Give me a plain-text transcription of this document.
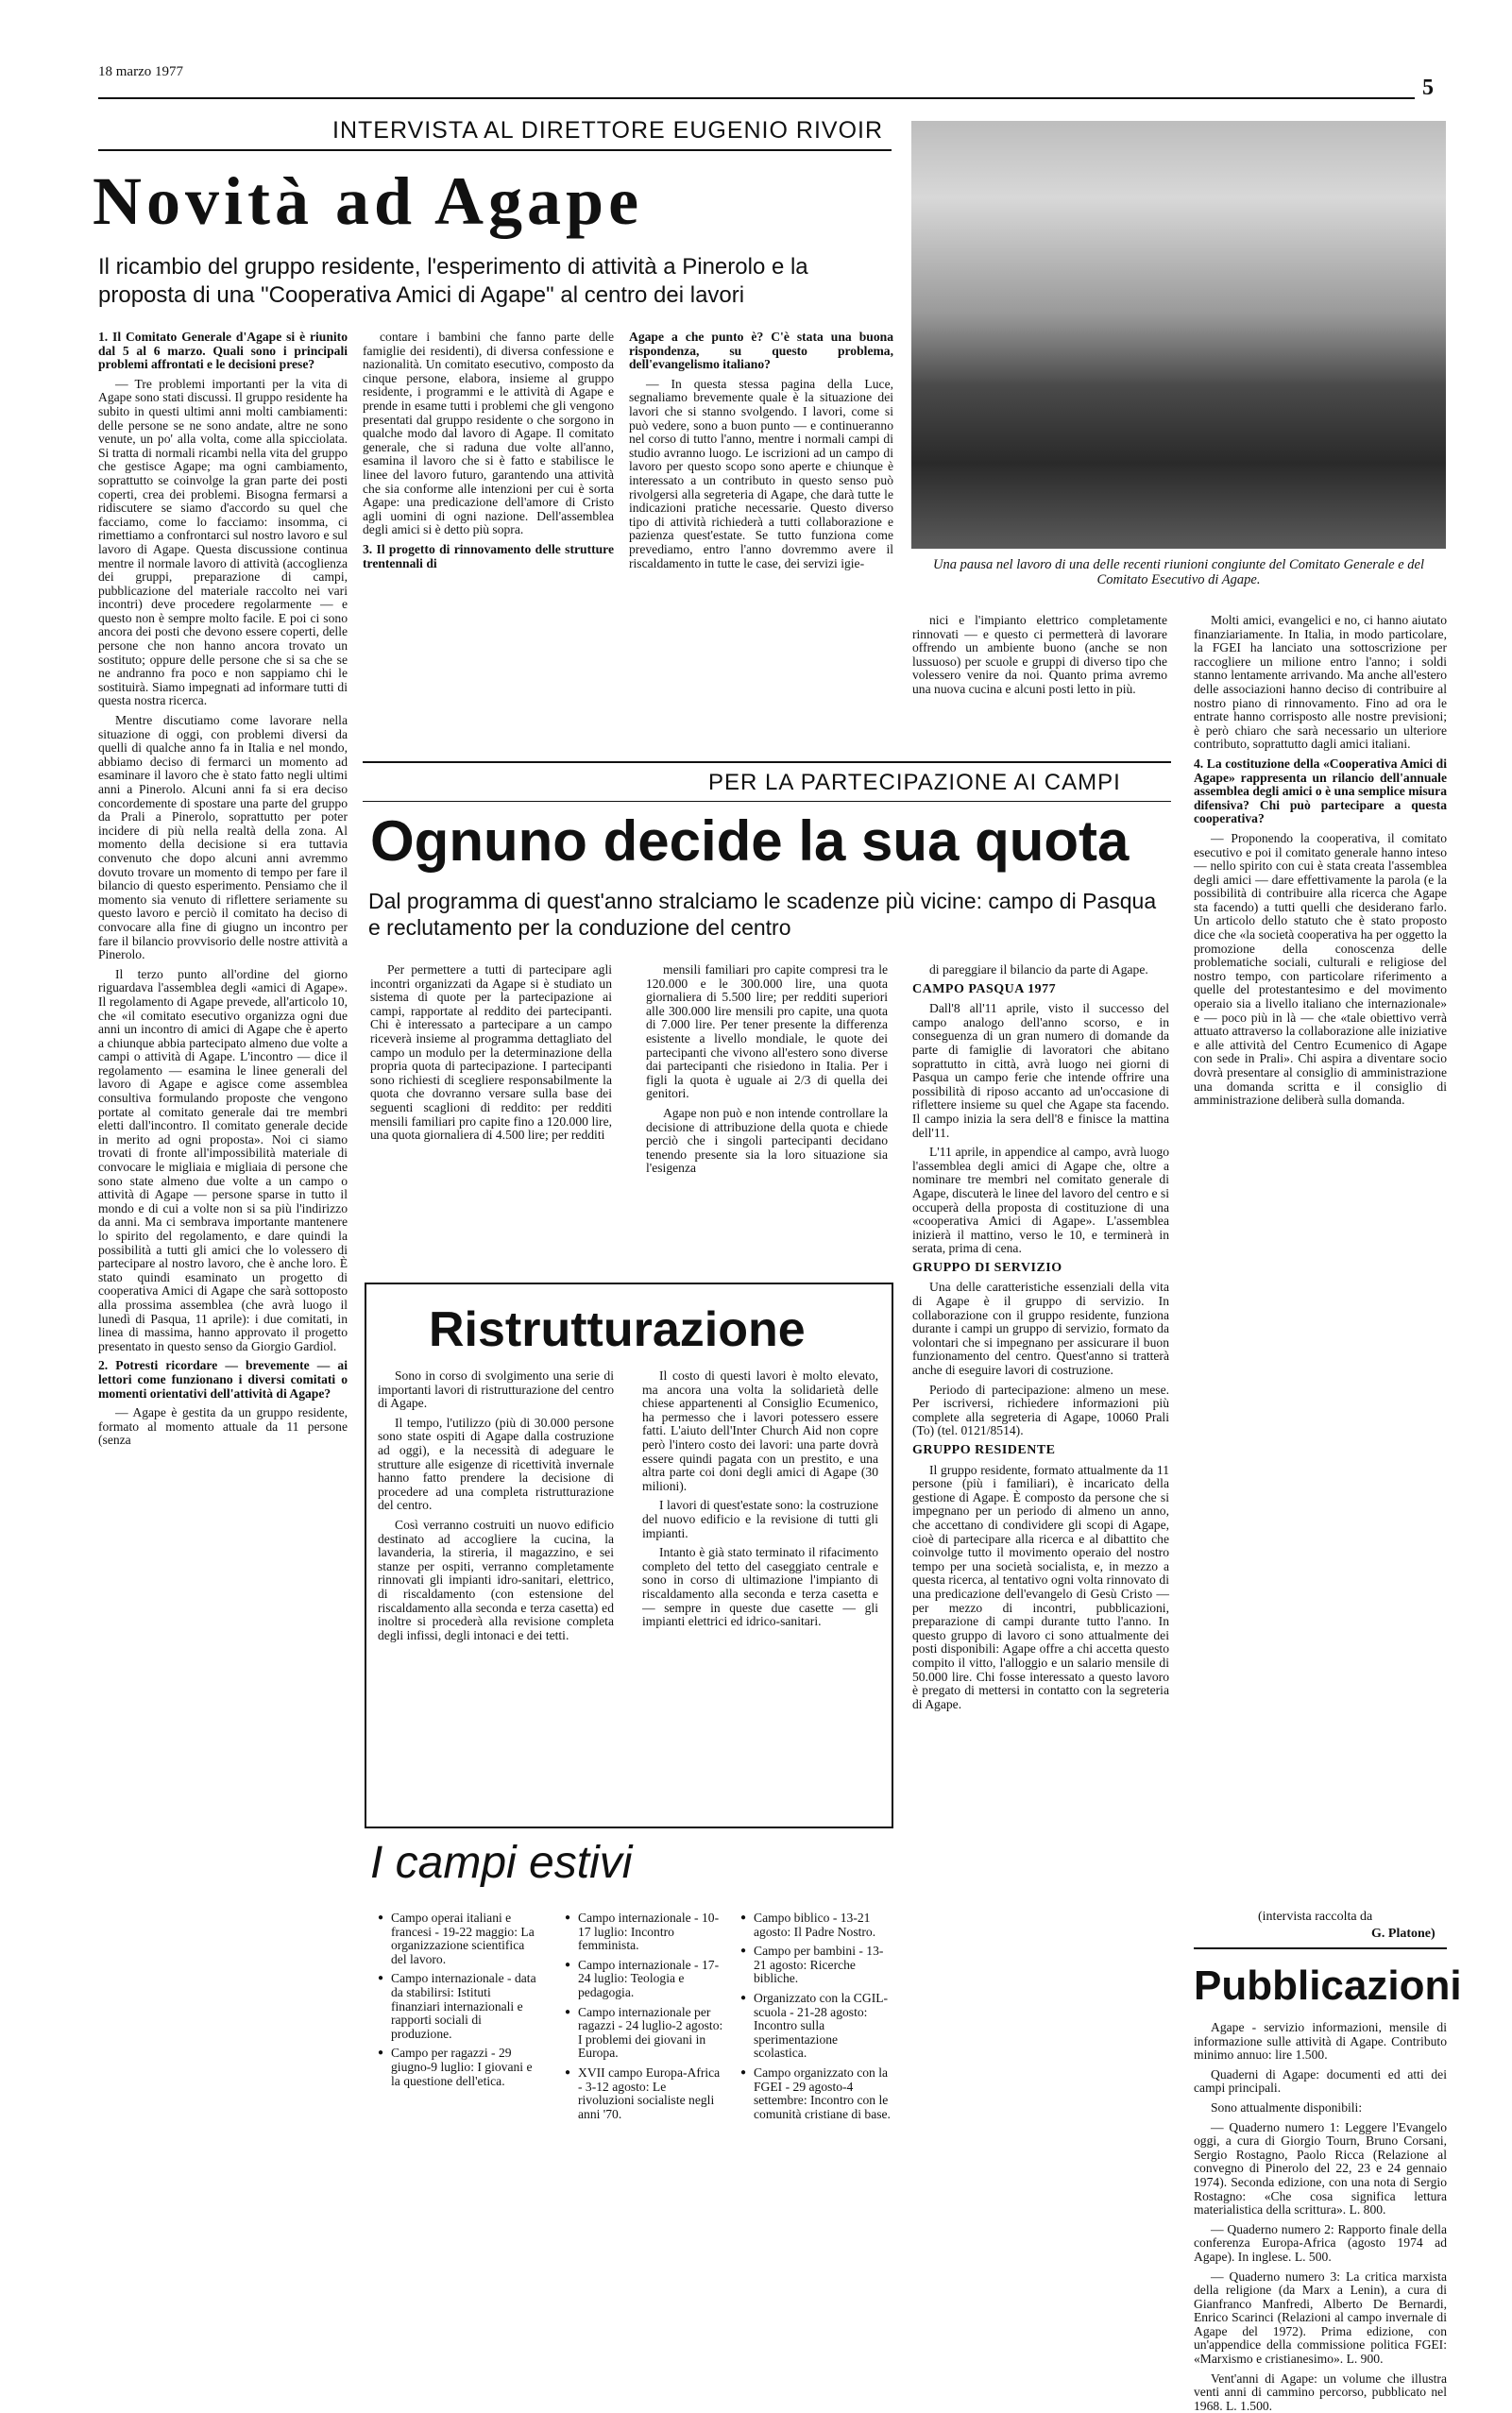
18 marzo 1977
5
INTERVISTA AL DIRETTORE EUGENIO RIVOIR
Novità ad Agape
Il ricambio del gruppo residente, l'esperimento di attività a Pinerolo e la proposta di una "Cooperativa Amici di Agape" al centro dei lavori
Una pausa nel lavoro di una delle recenti riunioni congiunte del Comitato Generale e del Comitato Esecutivo di Agape.

1. Il Comitato Generale d'Agape si è riunito dal 5 al 6 marzo. Quali sono i principali problemi affrontati e le decisioni prese?

— Tre problemi importanti per la vita di Agape sono stati discussi. Il gruppo residente ha subito in questi ultimi anni molti cambiamenti: delle persone se ne sono andate, altre ne sono venute, un po' alla volta, come alla spicciolata. Si tratta di normali ricambi nella vita del gruppo che gestisce Agape; ma ogni cambiamento, soprattutto se coinvolge la gran parte dei posti coperti, crea dei problemi. Bisogna fermarsi a ridiscutere se siamo d'accordo su quel che facciamo, come lo facciamo: insomma, ci rimettiamo a confrontarci sul nostro lavoro e sul lavoro di Agape. Questa discussione continua mentre il normale lavoro di attività (accoglienza dei gruppi, preparazione di campi, pubblicazione del materiale raccolto nei vari incontri) deve procedere regolarmente — e questo non è sempre molto facile. E poi ci sono ancora dei posti che devono essere coperti, delle persone che non hanno ancora trovato un sostituto; oppure delle persone che si sa che se ne andranno fra poco e non sappiamo chi le sostituirà. Siamo impegnati ad informare tutti di questa nostra ricerca.

Mentre discutiamo come lavorare nella situazione di oggi, con problemi diversi da quelli di qualche anno fa in Italia e nel mondo, abbiamo deciso di fermarci un momento ad esaminare il lavoro che è stato fatto negli ultimi anni a Pinerolo. Alcuni anni fa si era deciso concordemente di spostare una parte del gruppo da Prali a Pinerolo, soprattutto per poter incidere di più nella realtà della zona. Al momento della decisione si era tuttavia convenuto che dopo alcuni anni avremmo dovuto trovare un momento di tempo per fare il bilancio di questo esperimento. Pensiamo che il momento sia venuto di riflettere seriamente su questo lavoro e perciò il comitato ha deciso di convocare alla fine di giugno un incontro per fare il bilancio provvisorio delle nostre attività a Pinerolo.

Il terzo punto all'ordine del giorno riguardava l'assemblea degli «amici di Agape». Il regolamento di Agape prevede, all'articolo 10, che «il comitato esecutivo organizza ogni due anni un incontro di amici di Agape che è aperto a chiunque abbia partecipato almeno due volte a campi o attività di Agape. L'incontro — dice il regolamento — esamina le linee generali del lavoro di Agape e agisce come assemblea consultiva formulando proposte che vengono portate al comitato generale dai tre membri eletti dall'incontro. Il comitato generale decide in merito ad ogni proposta». Noi ci siamo trovati di fronte all'impossibilità materiale di convocare le migliaia e migliaia di persone che sono state almeno due volte a un campo o attività di Agape — persone sparse in tutto il mondo e di cui a volte non si sa più l'indirizzo da anni. Ma ci sembrava importante mantenere lo spirito del regolamento, e dare quindi la possibilità a tutti gli amici che lo volessero di partecipare al nostro lavoro, che è anche loro. È stato quindi esaminato un progetto di cooperativa Amici di Agape che sarà sottoposto alla prossima assemblea (che avrà luogo il lunedì di Pasqua, 11 aprile): i due comitati, in linea di massima, hanno approvato il progetto presentato in questo senso da Giorgio Gardiol.

2. Potresti ricordare — brevemente — ai lettori come funzionano i diversi comitati o momenti orientativi dell'attività di Agape?

— Agape è gestita da un gruppo residente, formato al momento attuale da 11 persone (senza

contare i bambini che fanno parte delle famiglie dei residenti), di diversa confessione e nazionalità. Un comitato esecutivo, composto da cinque persone, elabora, insieme al gruppo residente, i programmi e le attività di Agape e prende in esame tutti i problemi che gli vengono presentati dal gruppo residente o che sorgono in qualche modo dal lavoro di Agape. Il comitato generale, che si raduna due volte all'anno, esamina il lavoro che si è fatto e stabilisce le linee del lavoro futuro, garantendo una attività che sia conforme alle intenzioni per cui è sorta Agape: una predicazione dell'amore di Cristo agli uomini di ogni nazione. Dell'assemblea degli amici si è detto più sopra.

3. Il progetto di rinnovamento delle strutture trentennali di

Agape a che punto è? C'è stata una buona rispondenza, su questo problema, dell'evangelismo italiano?

— In questa stessa pagina della Luce, segnaliamo brevemente quale è la situazione dei lavori che si stanno svolgendo. I lavori, come si può vedere, sono a buon punto — e continueranno nel corso di tutto l'anno, mentre i normali campi di studio avranno luogo. Le iscrizioni ad un campo di lavoro per questo scopo sono aperte e chiunque è interessato a un contributo in questo senso può rivolgersi alla segreteria di Agape, che darà tutte le indicazioni pratiche necessarie. Questo diverso tipo di attività richiederà a tutti collaborazione e pazienza quest'estate. Se tutto funziona come prevediamo, entro l'anno dovremmo avere il riscaldamento in tutte le case, dei servizi igie-

nici e l'impianto elettrico completamente rinnovati — e questo ci permetterà di lavorare offrendo un ambiente buono (anche se non lussuoso) per scuole e gruppi di diverso tipo che volessero venire da noi. Quanto prima avremo una nuova cucina e alcuni posti letto in più.

Molti amici, evangelici e no, ci hanno aiutato finanziariamente. In Italia, in modo particolare, la FGEI ha lanciato una sottoscrizione per raccogliere un milione entro l'anno; i soldi stanno lentamente arrivando. Ma anche all'estero delle associazioni hanno deciso di contribuire al nostro piano di rinnovamento. Fino ad ora le entrate hanno corrisposto alle nostre previsioni; è però chiaro che sarà necessario un ulteriore contributo, soprattutto dagli amici italiani.

4. La costituzione della «Cooperativa Amici di Agape» rappresenta un rilancio dell'annuale assemblea degli amici o è una semplice misura difensiva? Chi può partecipare a questa cooperativa?

— Proponendo la cooperativa, il comitato esecutivo e poi il comitato generale hanno inteso — nello spirito con cui è stata creata l'assemblea degli amici — dare effettivamente la parola (e la possibilità di contribuire alla ricerca che Agape sta facendo) a tutti quelli che desiderano farlo. Un articolo dello statuto che è stato proposto dice che «la società cooperativa ha per oggetto la promozione della conoscenza delle problematiche sociali, culturali e religiose del nostro tempo, con particolare riferimento a quelle del protestantesimo e del movimento operaio sia a livello italiano che internazionale» e — poco più in là — che «tale obiettivo verrà attuato attraverso la collaborazione alle iniziative e alle attività del Centro Ecumenico di Agape con sede in Prali». Chi aspira a diventare socio dovrà presentare al consiglio di amministrazione una domanda scritta e il consiglio di amministrazione deliberà sulla domanda.

(intervista raccolta da
G. Platone)
PER LA PARTECIPAZIONE AI CAMPI
Ognuno decide la sua quota
Dal programma di quest'anno stralciamo le scadenze più vicine: campo di Pasqua e reclutamento per la conduzione del centro

Per permettere a tutti di partecipare agli incontri organizzati da Agape si è studiato un sistema di quote per la partecipazione ai campi, rapportate al reddito dei partecipanti. Chi è interessato a partecipare a un campo riceverà insieme al programma dettagliato del campo un modulo per la determinazione della propria quota di partecipazione. I partecipanti sono richiesti di scegliere responsabilmente la quota che dovranno versare sulla base dei seguenti scaglioni di reddito: per redditi mensili familiari pro capite fino a 120.000 lire, una quota giornaliera di 4.500 lire; per redditi

mensili familiari pro capite compresi tra le 120.000 e le 300.000 lire, una quota giornaliera di 5.500 lire; per redditi superiori alle 300.000 lire mensili pro capite, una quota di 7.000 lire. Per tener presente la differenza esistente a livello mondiale, le quote dei partecipanti che vivono all'estero sono diverse dai partecipanti che risiedono in Italia. Per i figli la quota è uguale ai 2/3 di quella dei genitori.

Agape non può e non intende controllare la decisione di attribuzione della quota e chiede perciò che i singoli partecipanti decidano tenendo presente sia la loro situazione sia l'esigenza

di pareggiare il bilancio da parte di Agape.

CAMPO PASQUA 1977

Dall'8 all'11 aprile, visto il successo del campo analogo dell'anno scorso, e in conseguenza di un gran numero di domande da parte di famiglie di lavoratori che abitano soprattutto in città, avrà luogo nei giorni di Pasqua un campo ferie che intende offrire una possibilità di riposo accanto ad un'occasione di riflettere insieme su quel che Agape sta facendo. Il campo inizia la sera dell'8 e finisce la mattina dell'11.

L'11 aprile, in appendice al campo, avrà luogo l'assemblea degli amici di Agape che, oltre a nominare tre membri nel comitato generale di Agape, discuterà le linee del lavoro del centro e si occuperà della proposta di costituzione di una «cooperativa Amici di Agape». L'assemblea inizierà il mattino, verso le 10, e terminerà in serata, prima di cena.

GRUPPO DI SERVIZIO

Una delle caratteristiche essenziali della vita di Agape è il gruppo di servizio. In collaborazione con il gruppo residente, funziona durante i campi un gruppo di servizio, formato da volontari che si impegnano per assicurare il buon funzionamento del centro. Quest'anno si tratterà anche di eseguire lavori di costruzione.

Periodo di partecipazione: almeno un mese. Per iscriversi, richiedere informazioni più complete alla segreteria di Agape, 10060 Prali (To) (tel. 0121/8514).

GRUPPO RESIDENTE

Il gruppo residente, formato attualmente da 11 persone (più i familiari), è incaricato della gestione di Agape. È composto da persone che si impegnano per un periodo di almeno un anno, che accettano di condividere gli scopi di Agape, cioè di partecipare alla ricerca e al dibattito che coinvolge tutto il movimento operaio del nostro tempo per una società socialista, e, in mezzo a questa ricerca, al tentativo ogni volta rinnovato di una predicazione dell'evangelo di Gesù Cristo — per mezzo di incontri, pubblicazioni, preparazione di campi durante tutto l'anno. In questo gruppo di lavoro ci sono attualmente dei posti disponibili: Agape offre a chi accetta questo compito il vitto, l'alloggio e un salario mensile di 50.000 lire. Chi fosse interessato a questo lavoro è pregato di mettersi in contatto con la segreteria di Agape.

Ristrutturazione

Sono in corso di svolgimento una serie di importanti lavori di ristrutturazione del centro di Agape.

Il tempo, l'utilizzo (più di 30.000 persone sono state ospiti di Agape dalla costruzione ad oggi), e la necessità di adeguare le strutture alle esigenze di ricettività invernale hanno fatto prendere la decisione di procedere ad una completa ristrutturazione del centro.

Così verranno costruiti un nuovo edificio destinato ad accogliere la cucina, la lavanderia, la stireria, il magazzino, e sei stanze per ospiti, verranno completamente rinnovati gli impianti idro-sanitari, elettrico, di riscaldamento (con estensione del riscaldamento alla seconda e terza casetta) ed inoltre si procederà alla revisione completa degli infissi, degli intonaci e dei tetti.

Il costo di questi lavori è molto elevato, ma ancora una volta la solidarietà delle chiese appartenenti al Consiglio Ecumenico, ha permesso che i lavori potessero essere fatti. L'aiuto dell'Inter Church Aid non copre però l'intero costo dei lavori: una parte dovrà essere quindi pagata con un prestito, e una altra parte coi doni degli amici di Agape (30 milioni).

I lavori di quest'estate sono: la costruzione del nuovo edificio e la revisione di tutti gli impianti.

Intanto è già stato terminato il rifacimento completo del tetto del caseggiato centrale e sono in corso di ultimazione l'impianto di riscaldamento alla seconda e terza casetta e — sempre in queste due casette — gli impianti elettrici ed idrico-sanitari.

I campi estivi
● Campo operai italiani e francesi - 19-22 maggio: La organizzazione scientifica del lavoro.
● Campo internazionale - data da stabilirsi: Istituti finanziari internazionali e rapporti sociali di produzione.
● Campo per ragazzi - 29 giugno-9 luglio: I giovani e la questione dell'etica.
● Campo internazionale - 10-17 luglio: Incontro femminista.
● Campo internazionale - 17-24 luglio: Teologia e pedagogia.
● Campo internazionale per ragazzi - 24 luglio-2 agosto: I problemi dei giovani in Europa.
● XVII campo Europa-Africa - 3-12 agosto: Le rivoluzioni socialiste negli anni '70.
● Campo biblico - 13-21 agosto: Il Padre Nostro.
● Campo per bambini - 13-21 agosto: Ricerche bibliche.
● Organizzato con la CGIL-scuola - 21-28 agosto: Incontro sulla sperimentazione scolastica.
● Campo organizzato con la FGEI - 29 agosto-4 settembre: Incontro con le comunità cristiane di base.
Pubblicazioni

Agape - servizio informazioni, mensile di informazione sulle attività di Agape. Contributo minimo annuo: lire 1.500.

Quaderni di Agape: documenti ed atti dei campi principali.

Sono attualmente disponibili:

— Quaderno numero 1: Leggere l'Evangelo oggi, a cura di Giorgio Tourn, Bruno Corsani, Sergio Rostagno, Paolo Ricca (Relazione al convegno di Pinerolo del 22, 23 e 24 gennaio 1974). Seconda edizione, con una nota di Sergio Rostagno: «Che cosa significa lettura materialistica della scrittura». L. 800.

— Quaderno numero 2: Rapporto finale della conferenza Europa-Africa (agosto 1974 ad Agape). In inglese. L. 500.

— Quaderno numero 3: La critica marxista della religione (da Marx a Lenin), a cura di Gianfranco Manfredi, Alberto De Bernardi, Enrico Scarinci (Relazioni al campo invernale di Agape del 1972). Prima edizione, con un'appendice della commissione politica FGEI: «Marxismo e cristianesimo». L. 900.

Vent'anni di Agape: un volume che illustra venti anni di cammino percorso, pubblicato nel 1968. L. 1.500.
